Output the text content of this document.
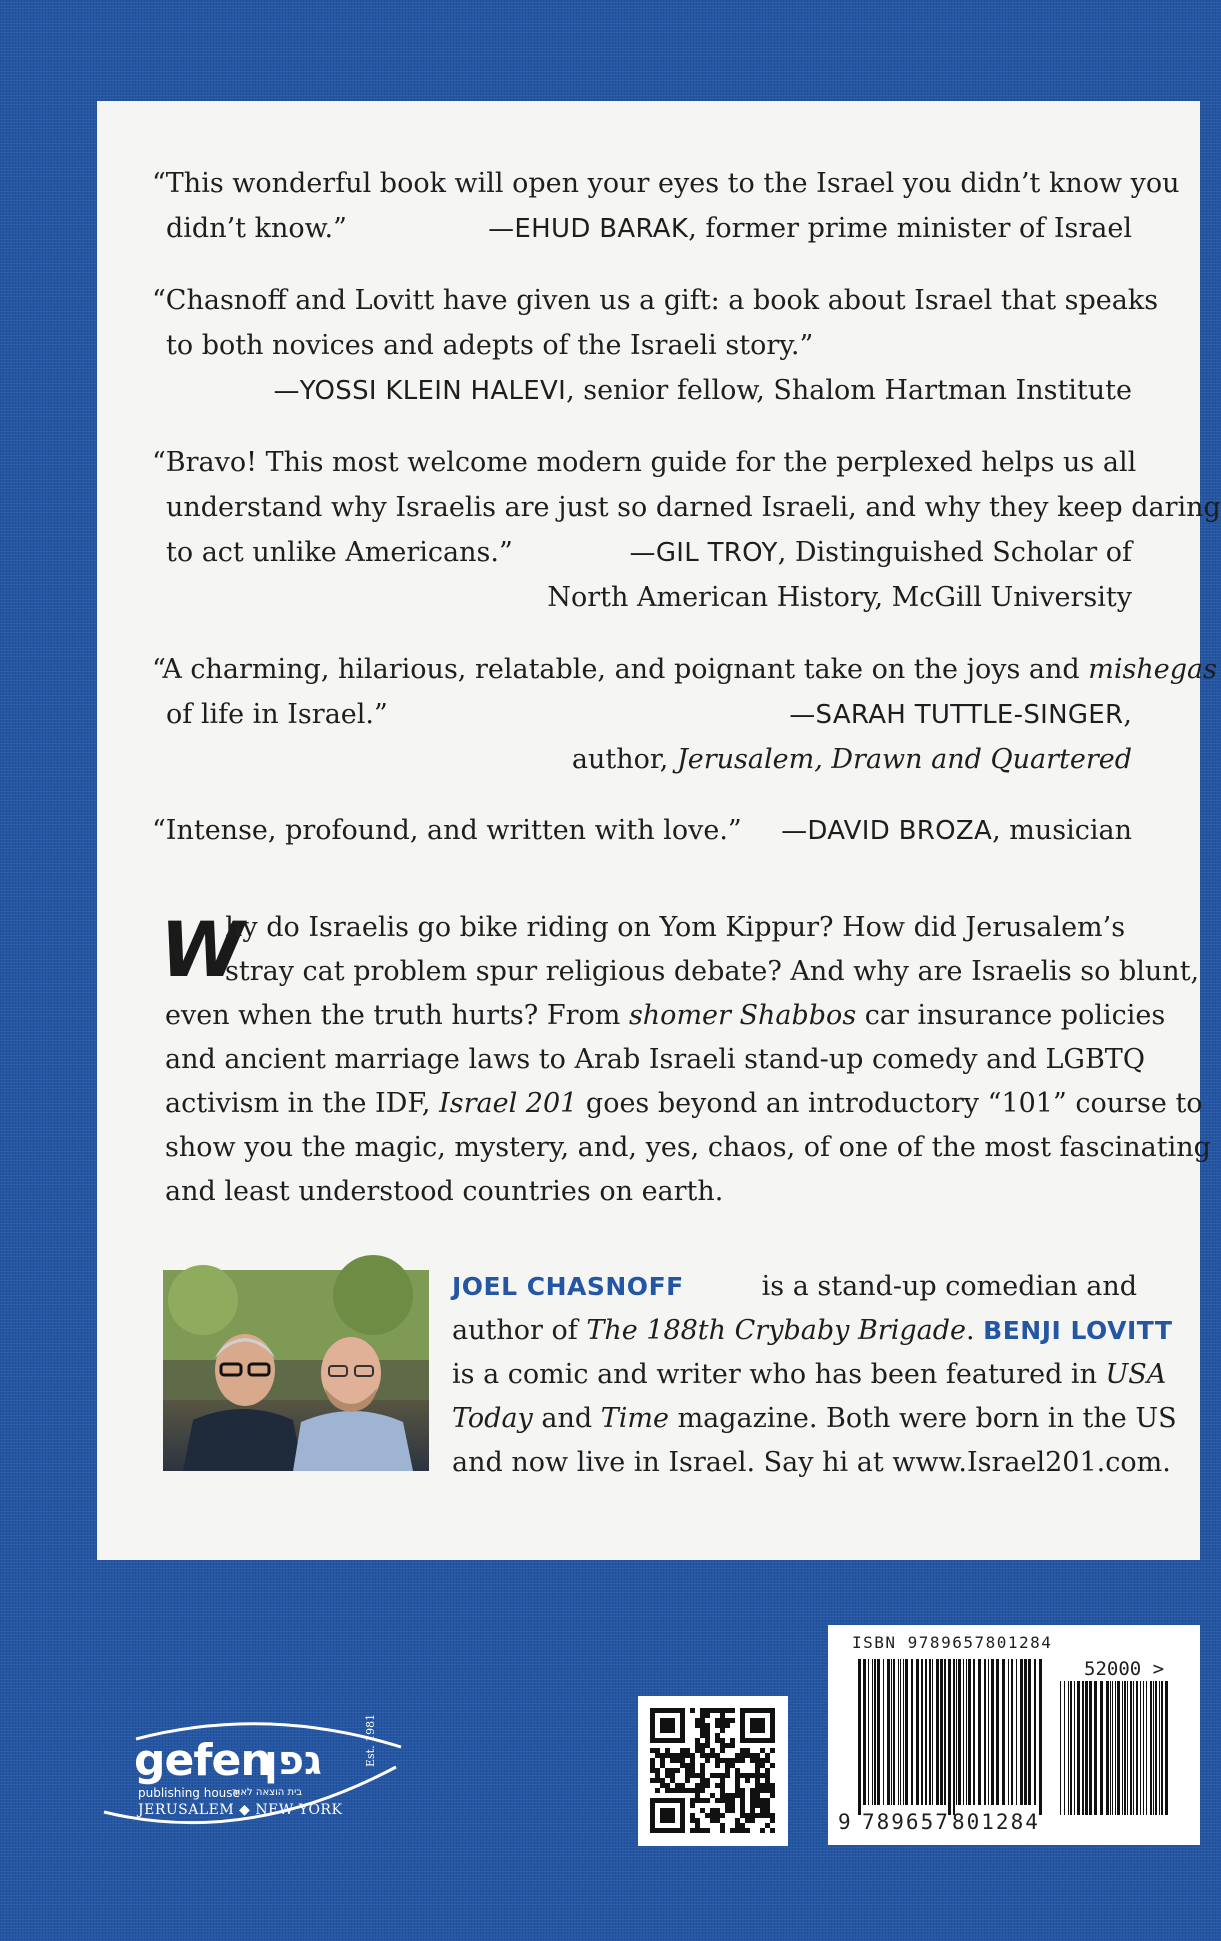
“This wonderful book will open your eyes to the Israel you didn’t know you
didn’t know.”	—EHUD BARAK, former prime minister of Israel
“Chasnoff and Lovitt have given us a gift: a book about Israel that speaks
to both novices and adepts of the Israeli story.”
—YOSSI KLEIN HALEVI, senior fellow, Shalom Hartman Institute
“Bravo! This most welcome modern guide for the perplexed helps us all
understand why Israelis are just so darned Israeli, and why they keep daring
to act unlike Americans.”	—GIL TROY, Distinguished Scholar of
North American History, McGill University
“A charming, hilarious, relatable, and poignant take on the joys and mishegas
of life in Israel.”	—SARAH TUTTLE-SINGER,
author, Jerusalem, Drawn and Quartered
“Intense, profound, and written with love.” —DAVID BROZA, musician
W
hy do Israelis go bike riding on Yom Kippur? How did Jerusalem’s
stray cat problem spur religious debate? And why are Israelis so blunt,
even when the truth hurts? From shomer Shabbos car insurance policies
and ancient marriage laws to Arab Israeli stand-up comedy and LGBTQ
activism in the IDF, Israel 201 goes beyond an introductory “101” course to
show you the magic, mystery, and, yes, chaos, of one of the most fascinating
and least understood countries on earth.
JOEL CHASNOFF	is a stand-up comedian and
author of The 188th Crybaby Brigade. BENJI LOVITT
is a comic and writer who has been featured in USA
Today and Time magazine. Both were born in the US
and now live in Israel. Say hi at www.Israel201.com.
gefen
גפן
publishing house
בית הוצאה לאור
JERUSALEM ◆ NEW YORK
Est. 1981
ISBN 9789657801284
52000 >
9 789657 801284
